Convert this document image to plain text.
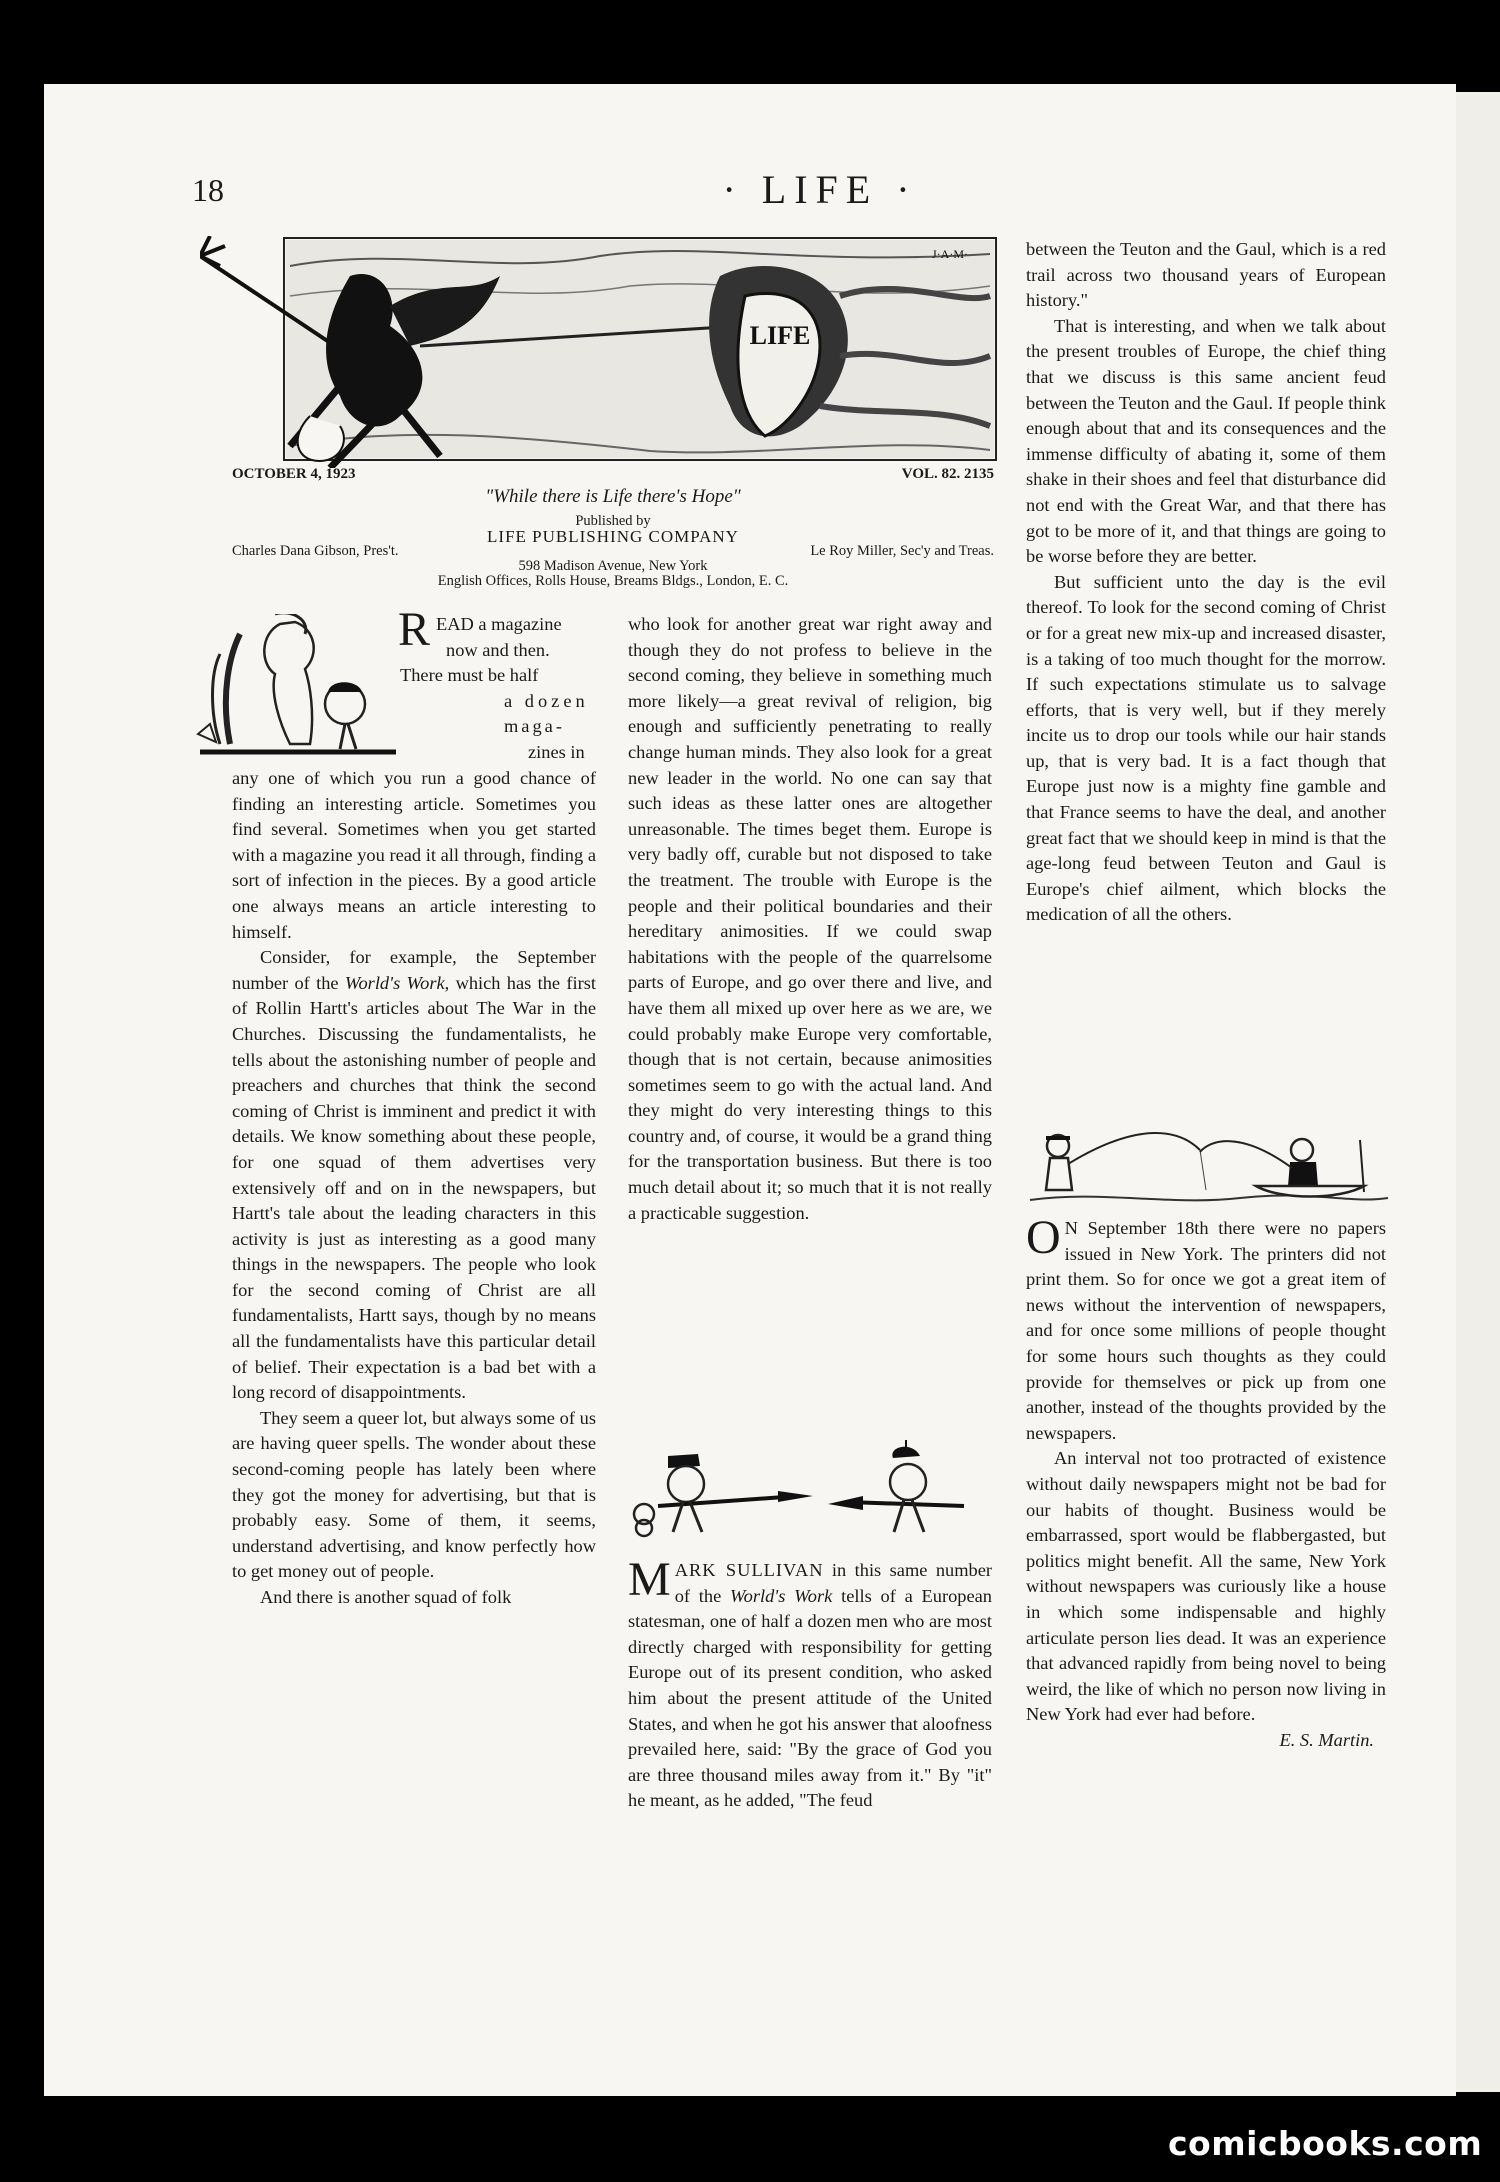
18	· LIFE ·
LIFE
J·A·M·
OCTOBER 4, 1923	VOL. 82. 2135
"While there is Life there's Hope"
Published by
LIFE PUBLISHING COMPANY
Charles Dana Gibson, Pres't.	Le Roy Miller, Sec'y and Treas.
598 Madison Avenue, New York
English Offices, Rolls House, Breams Bldgs., London, E. C.
R EAD a magazine
now and then.
There must be half
a dozen
maga-
zines in

any one of which you run a good chance of finding an interesting article. Sometimes you find several. Sometimes when you get started with a magazine you read it all through, finding a sort of infection in the pieces. By a good article one always means an article interesting to himself.

Consider, for example, the September number of the World's Work, which has the first of Rollin Hartt's articles about The War in the Churches. Discussing the fundamentalists, he tells about the astonishing number of people and preachers and churches that think the second coming of Christ is imminent and predict it with details. We know something about these people, for one squad of them advertises very extensively off and on in the newspapers, but Hartt's tale about the leading characters in this activity is just as interesting as a good many things in the newspapers. The people who look for the second coming of Christ are all fundamentalists, Hartt says, though by no means all the fundamentalists have this particular detail of belief. Their expectation is a bad bet with a long record of disappointments.

They seem a queer lot, but always some of us are having queer spells. The wonder about these second-coming people has lately been where they got the money for advertising, but that is probably easy. Some of them, it seems, understand advertising, and know perfectly how to get money out of people.

And there is another squad of folk

who look for another great war right away and though they do not profess to believe in the second coming, they believe in something much more likely—a great revival of religion, big enough and sufficiently penetrating to really change human minds. They also look for a great new leader in the world. No one can say that such ideas as these latter ones are altogether unreasonable. The times beget them. Europe is very badly off, curable but not disposed to take the treatment. The trouble with Europe is the people and their political boundaries and their hereditary animosities. If we could swap habitations with the people of the quarrelsome parts of Europe, and go over there and live, and have them all mixed up over here as we are, we could probably make Europe very comfortable, though that is not certain, because animosities sometimes seem to go with the actual land. And they might do very interesting things to this country and, of course, it would be a grand thing for the transportation business. But there is too much detail about it; so much that it is not really a practicable suggestion.

MARK SULLIVAN in this same number of the World's Work tells of a European statesman, one of half a dozen men who are most directly charged with responsibility for getting Europe out of its present condition, who asked him about the present attitude of the United States, and when he got his answer that aloofness prevailed here, said: "By the grace of God you are three thousand miles away from it." By "it" he meant, as he added, "The feud

between the Teuton and the Gaul, which is a red trail across two thousand years of European history."

That is interesting, and when we talk about the present troubles of Europe, the chief thing that we discuss is this same ancient feud between the Teuton and the Gaul. If people think enough about that and its consequences and the immense difficulty of abating it, some of them shake in their shoes and feel that disturbance did not end with the Great War, and that there has got to be more of it, and that things are going to be worse before they are better.

But sufficient unto the day is the evil thereof. To look for the second coming of Christ or for a great new mix-up and increased disaster, is a taking of too much thought for the morrow. If such expectations stimulate us to salvage efforts, that is very well, but if they merely incite us to drop our tools while our hair stands up, that is very bad. It is a fact though that Europe just now is a mighty fine gamble and that France seems to have the deal, and another great fact that we should keep in mind is that the age-long feud between Teuton and Gaul is Europe's chief ailment, which blocks the medication of all the others.

O N September 18th there were no papers issued in New York. The printers did not print them. So for once we got a great item of news without the intervention of newspapers, and for once some millions of people thought for some hours such thoughts as they could provide for themselves or pick up from one another, instead of the thoughts provided by the newspapers.

An interval not too protracted of existence without daily newspapers might not be bad for our habits of thought. Business would be embarrassed, sport would be flabbergasted, but politics might benefit. All the same, New York without newspapers was curiously like a house in which some indispensable and highly articulate person lies dead. It was an experience that advanced rapidly from being novel to being weird, the like of which no person now living in New York had ever had before.

E. S. Martin.

comicbooks.com
